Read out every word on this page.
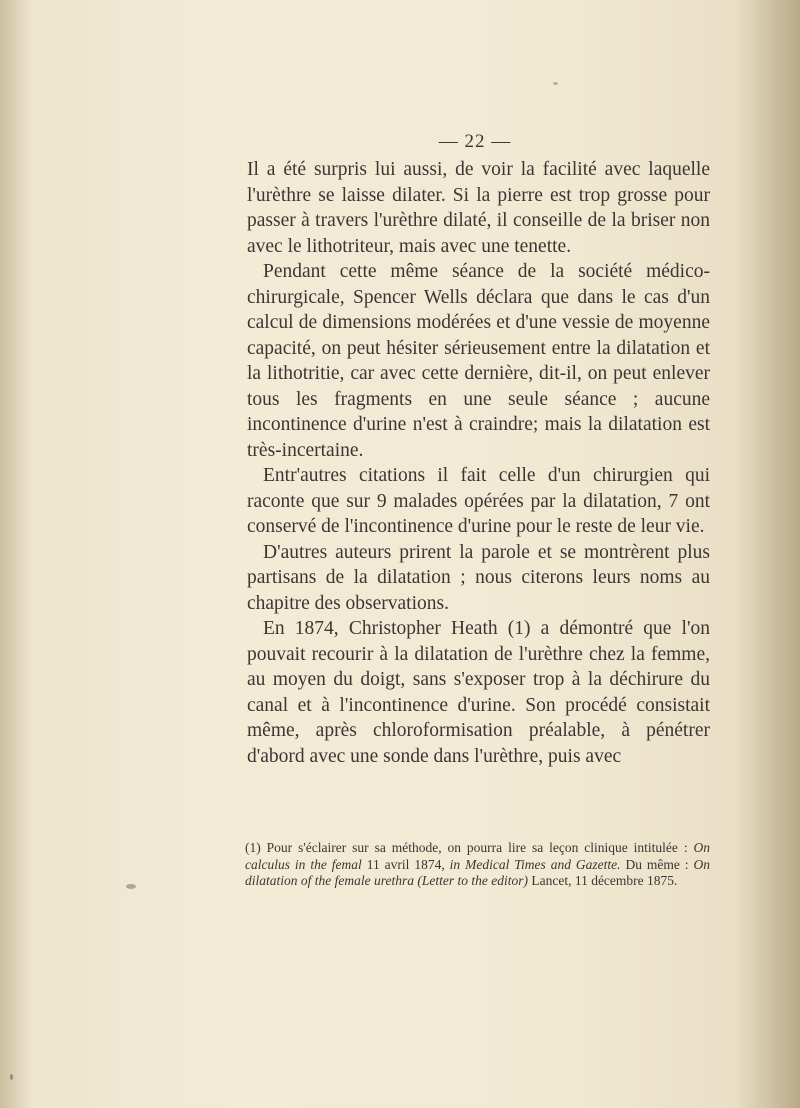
— 22 —

Il a été surpris lui aussi, de voir la facilité avec laquelle l'urèthre se laisse dilater. Si la pierre est trop grosse pour passer à travers l'urèthre dilaté, il conseille de la briser non avec le lithotriteur, mais avec une tenette.

Pendant cette même séance de la société médico-chirurgicale, Spencer Wells déclara que dans le cas d'un calcul de dimensions modérées et d'une vessie de moyenne capacité, on peut hésiter sérieusement entre la dilatation et la lithotritie, car avec cette dernière, dit-il, on peut enlever tous les fragments en une seule séance ; aucune incontinence d'urine n'est à craindre; mais la dilatation est très-incertaine.

Entr'autres citations il fait celle d'un chirurgien qui raconte que sur 9 malades opérées par la dilatation, 7 ont conservé de l'incontinence d'urine pour le reste de leur vie.

D'autres auteurs prirent la parole et se montrèrent plus partisans de la dilatation ; nous citerons leurs noms au chapitre des observations.

En 1874, Christopher Heath (1) a démontré que l'on pouvait recourir à la dilatation de l'urèthre chez la femme, au moyen du doigt, sans s'exposer trop à la déchirure du canal et à l'incontinence d'urine. Son procédé consistait même, après chloroformisation préalable, à pénétrer d'abord avec une sonde dans l'urèthre, puis avec

(1) Pour s'éclairer sur sa méthode, on pourra lire sa leçon clinique intitulée : On calculus in the femal 11 avril 1874, in Medical Times and Gazette. Du même : On dilatation of the female urethra (Letter to the editor) Lancet, 11 décembre 1875.
